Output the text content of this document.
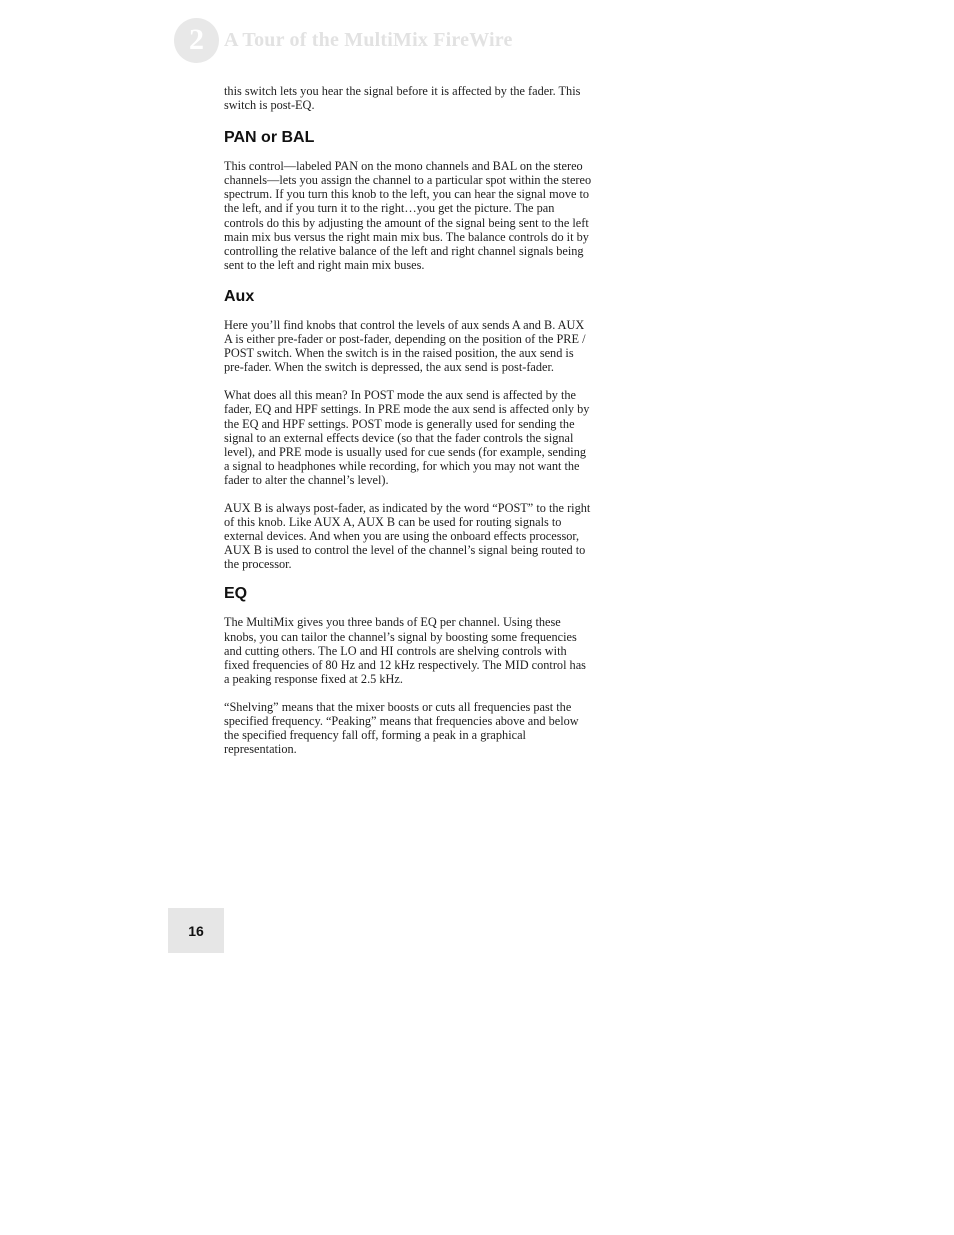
2	A Tour of the MultiMix FireWire

this switch lets you hear the signal before it is affected by the fader. This switch is post-EQ.

PAN or BAL

This control—labeled PAN on the mono channels and BAL on the stereo channels—lets you assign the channel to a particular spot within the stereo spectrum. If you turn this knob to the left, you can hear the signal move to the left, and if you turn it to the right…you get the picture. The pan controls do this by adjusting the amount of the signal being sent to the left main mix bus versus the right main mix bus. The balance controls do it by controlling the relative balance of the left and right channel signals being sent to the left and right main mix buses.

Aux

Here you’ll find knobs that control the levels of aux sends A and B. AUX A is either pre-fader or post-fader, depending on the position of the PRE / POST switch. When the switch is in the raised position, the aux send is pre-fader. When the switch is depressed, the aux send is post-fader.

What does all this mean? In POST mode the aux send is affected by the fader, EQ and HPF settings. In PRE mode the aux send is affected only by the EQ and HPF settings. POST mode is generally used for sending the signal to an external effects device (so that the fader controls the signal level), and PRE mode is usually used for cue sends (for example, sending a signal to headphones while recording, for which you may not want the fader to alter the channel’s level).

AUX B is always post-fader, as indicated by the word “POST” to the right of this knob. Like AUX A, AUX B can be used for routing signals to external devices. And when you are using the onboard effects processor, AUX B is used to control the level of the channel’s signal being routed to the processor.

EQ

The MultiMix gives you three bands of EQ per channel. Using these knobs, you can tailor the channel’s signal by boosting some frequencies and cutting others. The LO and HI controls are shelving controls with fixed frequencies of 80 Hz and 12 kHz respectively. The MID control has a peaking response fixed at 2.5 kHz.

“Shelving” means that the mixer boosts or cuts all frequencies past the specified frequency. “Peaking” means that frequencies above and below the specified frequency fall off, forming a peak in a graphical representation.

16
